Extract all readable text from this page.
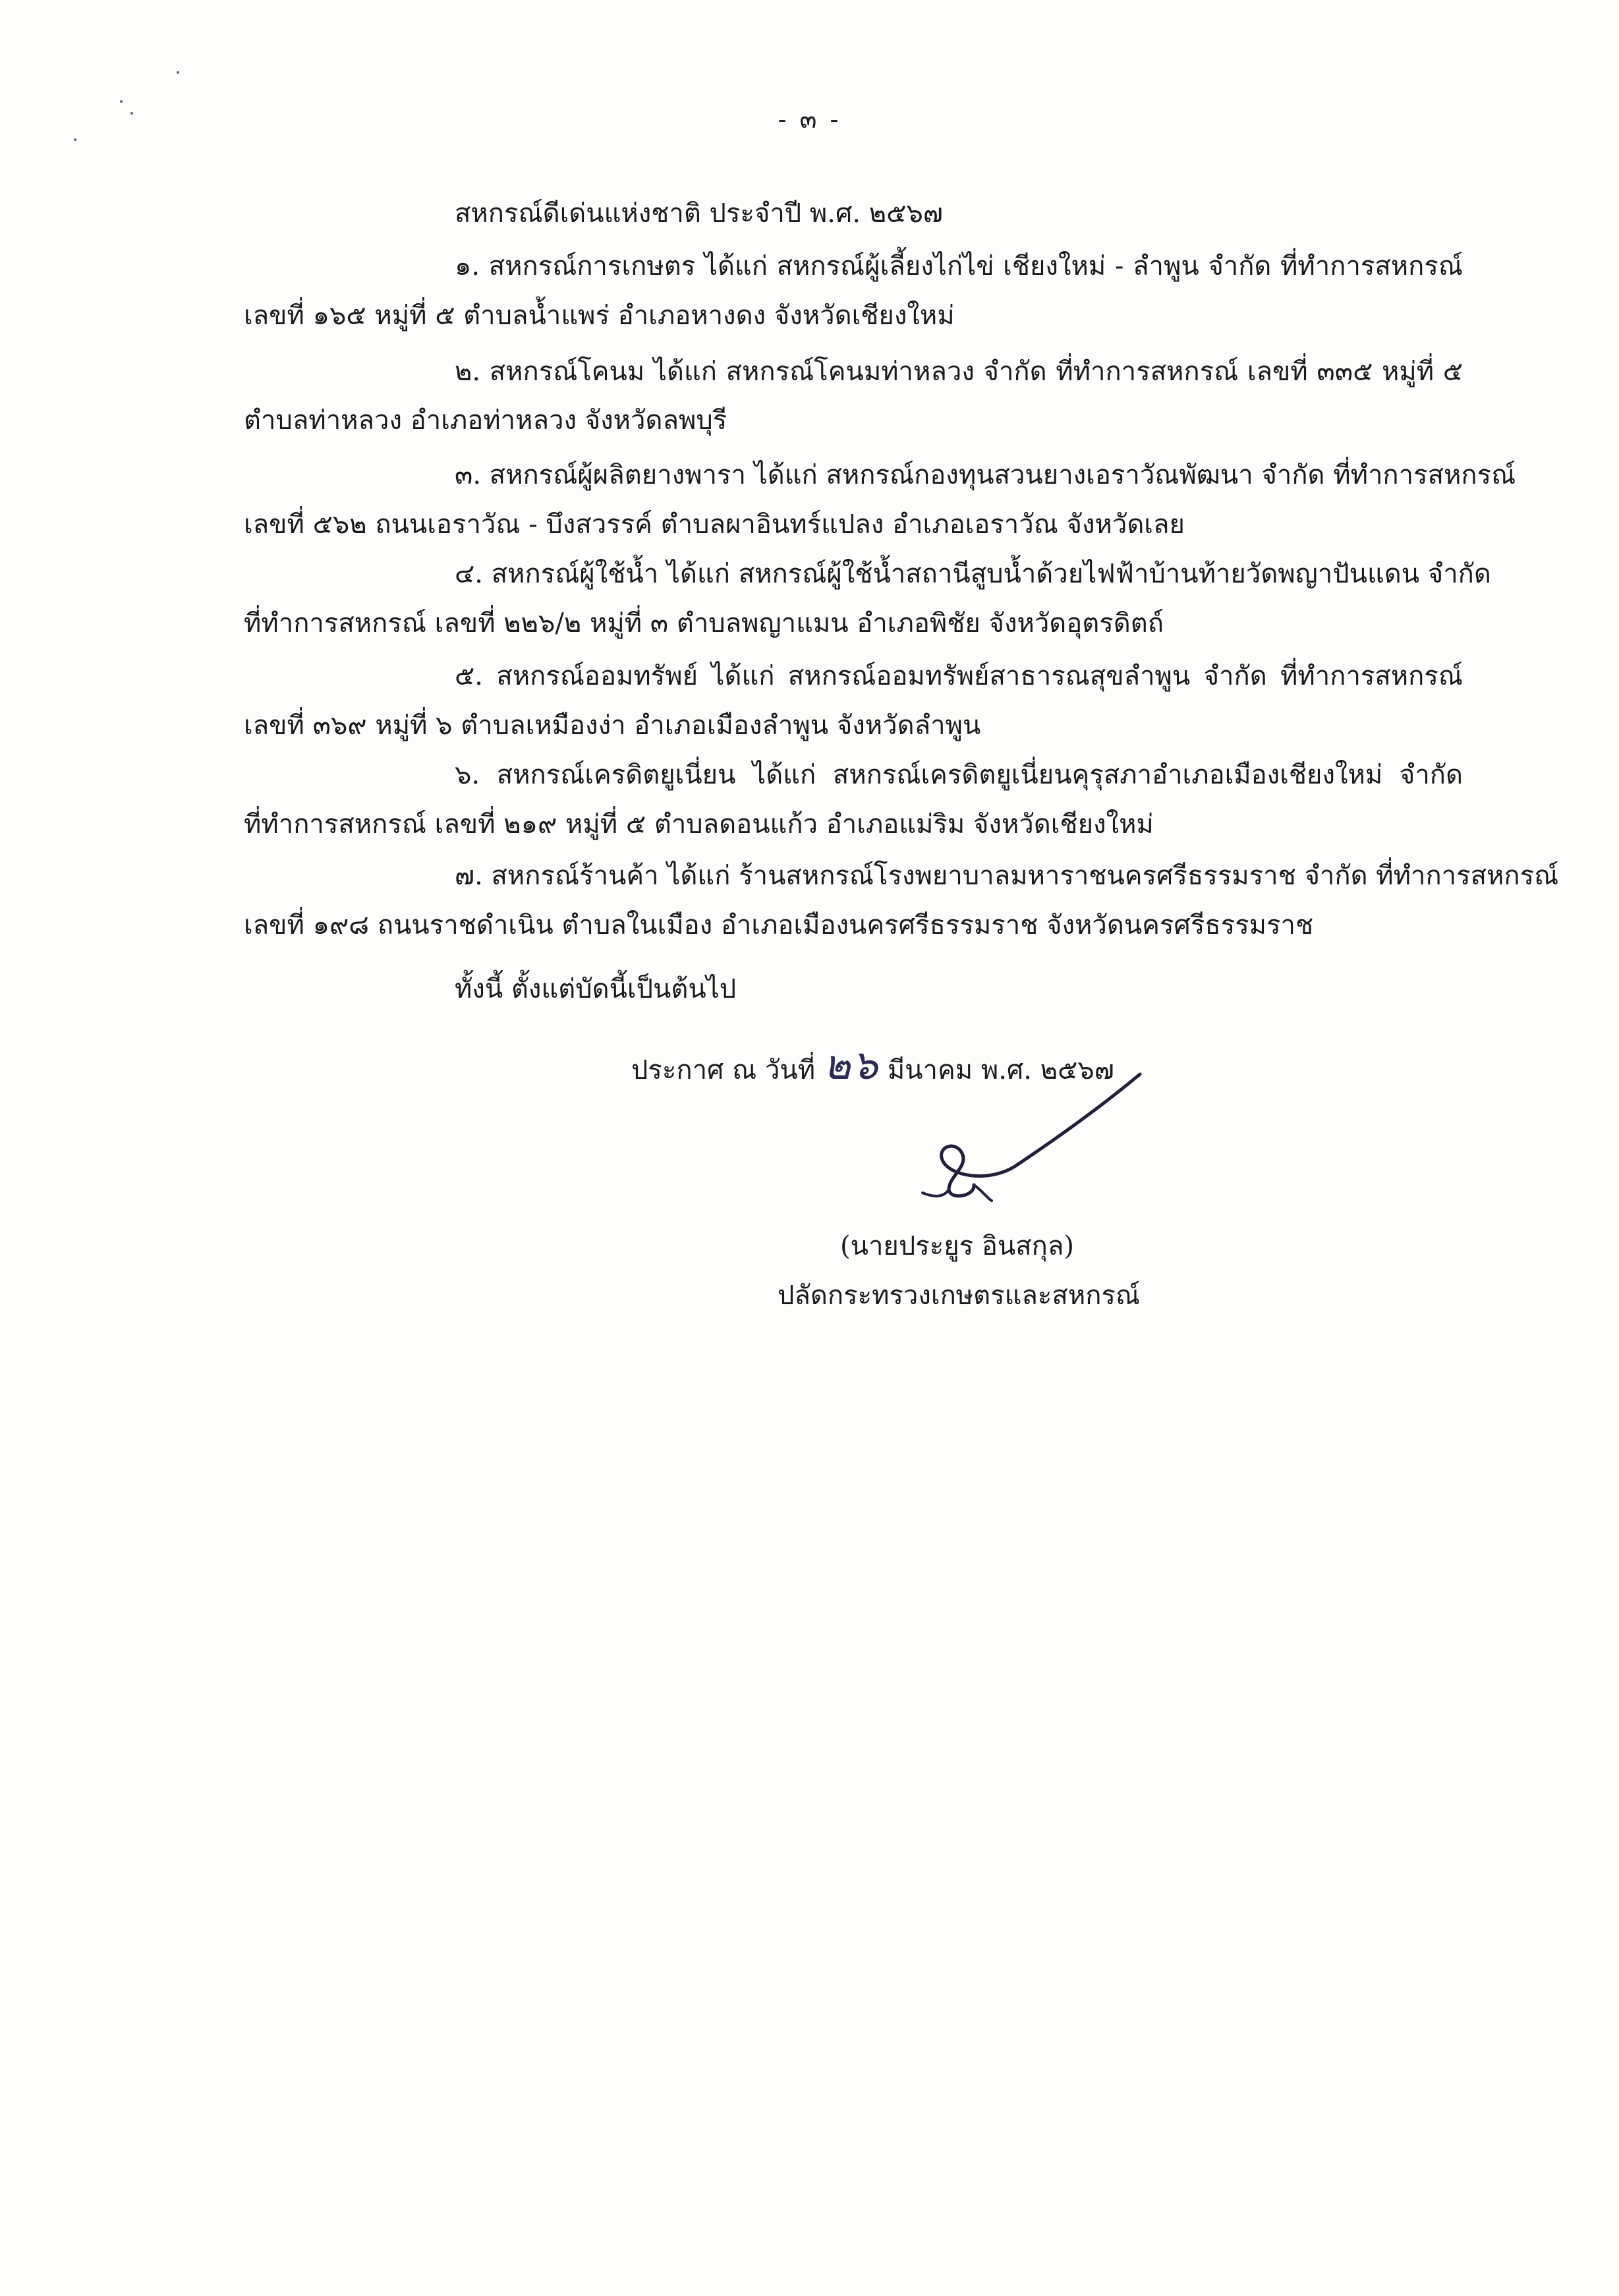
- ๓ -
สหกรณ์ดีเด่นแห่งชาติ ประจำปี พ.ศ. ๒๕๖๗
๑. สหกรณ์การเกษตร ได้แก่ สหกรณ์ผู้เลี้ยงไก่ไข่ เชียงใหม่ - ลำพูน จำกัด ที่ทำการสหกรณ์
เลขที่ ๑๖๕ หมู่ที่ ๕ ตำบลน้ำแพร่ อำเภอหางดง จังหวัดเชียงใหม่
๒. สหกรณ์โคนม ได้แก่ สหกรณ์โคนมท่าหลวง จำกัด ที่ทำการสหกรณ์ เลขที่ ๓๓๕ หมู่ที่ ๕
ตำบลท่าหลวง อำเภอท่าหลวง จังหวัดลพบุรี
๓. สหกรณ์ผู้ผลิตยางพารา ได้แก่ สหกรณ์กองทุนสวนยางเอราวัณพัฒนา จำกัด ที่ทำการสหกรณ์
เลขที่ ๕๖๒ ถนนเอราวัณ - บึงสวรรค์ ตำบลผาอินทร์แปลง อำเภอเอราวัณ จังหวัดเลย
๔. สหกรณ์ผู้ใช้น้ำ ได้แก่ สหกรณ์ผู้ใช้น้ำสถานีสูบน้ำด้วยไฟฟ้าบ้านท้ายวัดพญาปันแดน จำกัด
ที่ทำการสหกรณ์ เลขที่ ๒๒๖/๒ หมู่ที่ ๓ ตำบลพญาแมน อำเภอพิชัย จังหวัดอุตรดิตถ์
๕. สหกรณ์ออมทรัพย์ ได้แก่ สหกรณ์ออมทรัพย์สาธารณสุขลำพูน จำกัด ที่ทำการสหกรณ์
เลขที่ ๓๖๙ หมู่ที่ ๖ ตำบลเหมืองง่า อำเภอเมืองลำพูน จังหวัดลำพูน
๖. สหกรณ์เครดิตยูเนี่ยน ได้แก่ สหกรณ์เครดิตยูเนี่ยนคุรุสภาอำเภอเมืองเชียงใหม่ จำกัด
ที่ทำการสหกรณ์ เลขที่ ๒๑๙ หมู่ที่ ๕ ตำบลดอนแก้ว อำเภอแม่ริม จังหวัดเชียงใหม่
๗. สหกรณ์ร้านค้า ได้แก่ ร้านสหกรณ์โรงพยาบาลมหาราชนครศรีธรรมราช จำกัด ที่ทำการสหกรณ์
เลขที่ ๑๙๘ ถนนราชดำเนิน ตำบลในเมือง อำเภอเมืองนครศรีธรรมราช จังหวัดนครศรีธรรมราช
ทั้งนี้ ตั้งแต่บัดนี้เป็นต้นไป
ประกาศ ณ วันที่ ๒๖ มีนาคม พ.ศ. ๒๕๖๗
(นายประยูร อินสกุล)
ปลัดกระทรวงเกษตรและสหกรณ์
